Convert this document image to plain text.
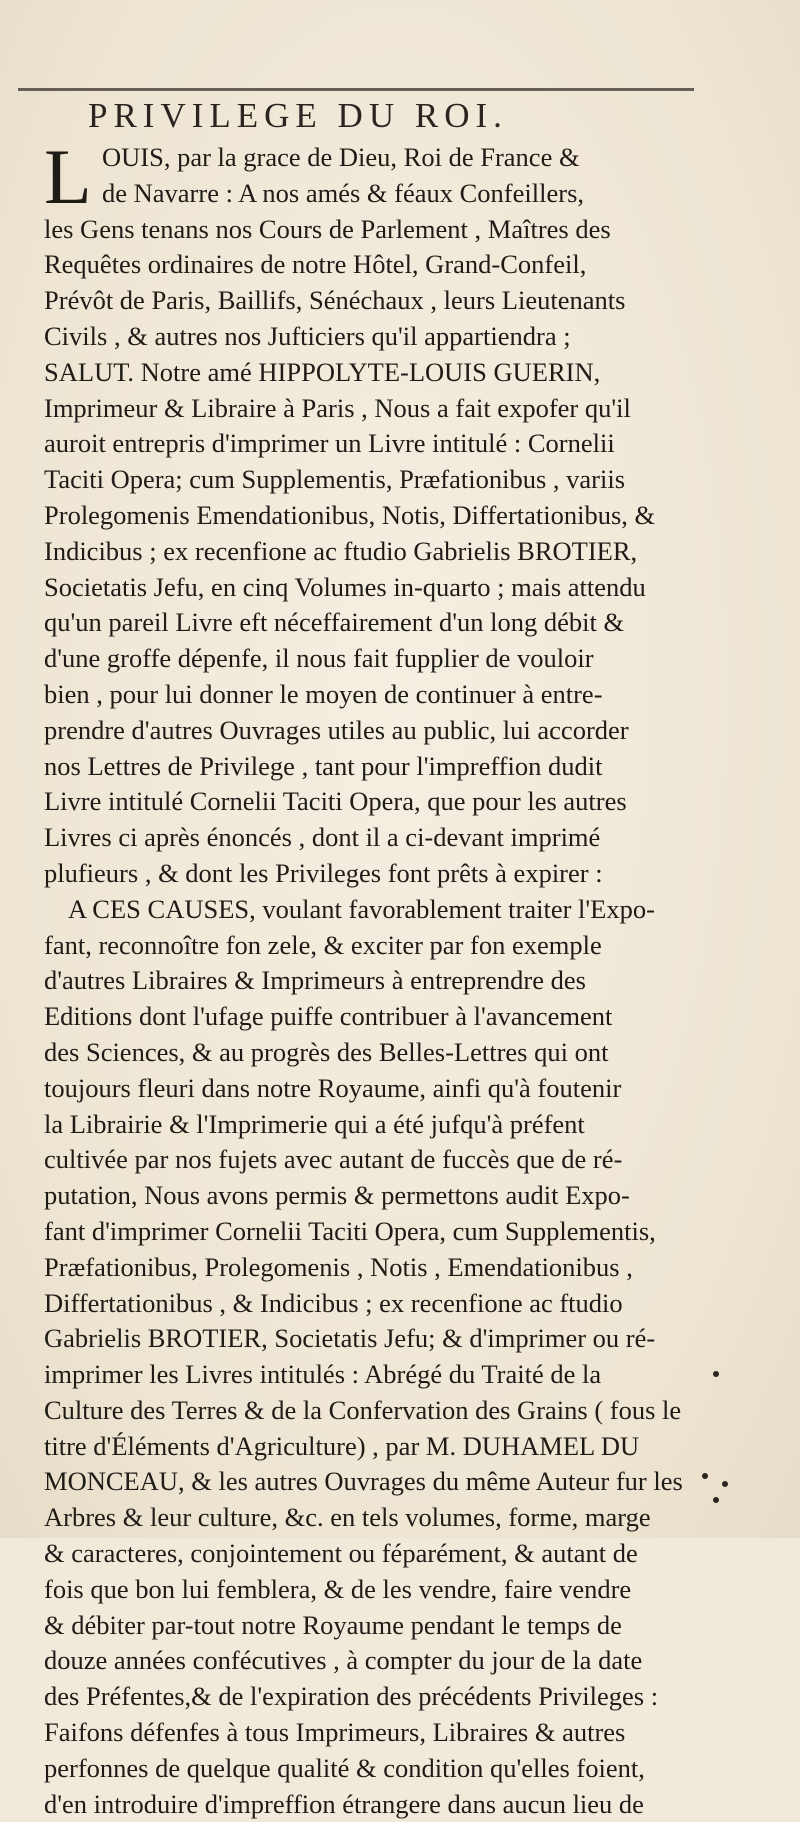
PRIVILEGE DU ROI.
L OUIS, par la grace de Dieu, Roi de France &
de Navarre : A nos amés & féaux Confeillers,
les Gens tenans nos Cours de Parlement , Maîtres des
Requêtes ordinaires de notre Hôtel, Grand-Confeil,
Prévôt de Paris, Baillifs, Sénéchaux , leurs Lieutenants
Civils , & autres nos Jufticiers qu'il appartiendra ;
SALUT. Notre amé HIPPOLYTE-LOUIS GUERIN,
Imprimeur & Libraire à Paris , Nous a fait expofer qu'il
auroit entrepris d'imprimer un Livre intitulé : Cornelii
Taciti Opera; cum Supplementis, Præfationibus , variis
Prolegomenis Emendationibus, Notis, Differtationibus, &
Indicibus ; ex recenfione ac ftudio Gabrielis BROTIER,
Societatis Jefu, en cinq Volumes in-quarto ; mais attendu
qu'un pareil Livre eft néceffairement d'un long débit &
d'une groffe dépenfe, il nous fait fupplier de vouloir
bien , pour lui donner le moyen de continuer à entre-
prendre d'autres Ouvrages utiles au public, lui accorder
nos Lettres de Privilege , tant pour l'impreffion dudit
Livre intitulé Cornelii Taciti Opera, que pour les autres
Livres ci après énoncés , dont il a ci-devant imprimé
plufieurs , & dont les Privileges font prêts à expirer :
A CES CAUSES, voulant favorablement traiter l'Expo-
fant, reconnoître fon zele, & exciter par fon exemple
d'autres Libraires & Imprimeurs à entreprendre des
Editions dont l'ufage puiffe contribuer à l'avancement
des Sciences, & au progrès des Belles-Lettres qui ont
toujours fleuri dans notre Royaume, ainfi qu'à foutenir
la Librairie & l'Imprimerie qui a été jufqu'à préfent
cultivée par nos fujets avec autant de fuccès que de ré-
putation, Nous avons permis & permettons audit Expo-
fant d'imprimer Cornelii Taciti Opera, cum Supplementis,
Præfationibus, Prolegomenis , Notis , Emendationibus ,
Differtationibus , & Indicibus ; ex recenfione ac ftudio
Gabrielis BROTIER, Societatis Jefu; & d'imprimer ou ré-
imprimer les Livres intitulés : Abrégé du Traité de la
Culture des Terres & de la Confervation des Grains ( fous le
titre d'Éléments d'Agriculture) , par M. DUHAMEL DU
MONCEAU, & les autres Ouvrages du même Auteur fur les
Arbres & leur culture, &c. en tels volumes, forme, marge
& caracteres, conjointement ou féparément, & autant de
fois que bon lui femblera, & de les vendre, faire vendre
& débiter par-tout notre Royaume pendant le temps de
douze années confécutives , à compter du jour de la date
des Préfentes,& de l'expiration des précédents Privileges :
Faifons défenfes à tous Imprimeurs, Libraires & autres
perfonnes de quelque qualité & condition qu'elles foient,
d'en introduire d'impreffion étrangere dans aucun lieu de
